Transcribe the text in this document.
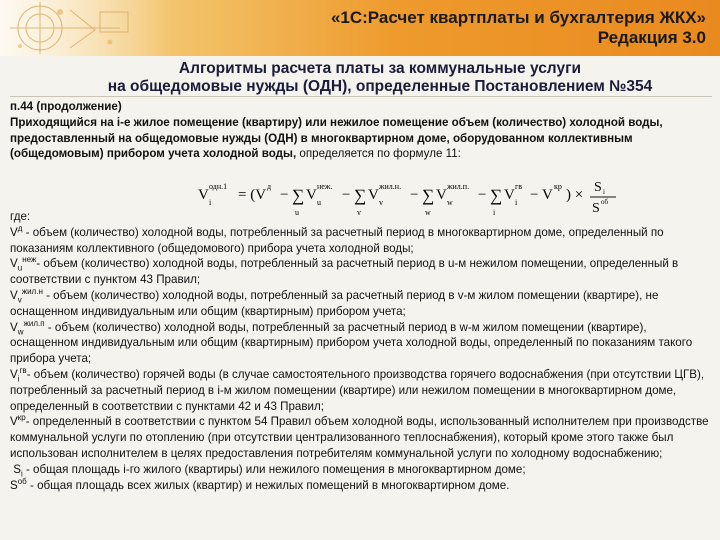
«1С:Расчет квартплаты и бухгалтерия ЖКХ»
Редакция 3.0
Алгоритмы расчета платы за коммунальные услуги
на общедомовые нужды (ОДН), определенные Постановлением №354

п.44 (продолжение)

Приходящийся на i-е жилое помещение (квартиру) или нежилое помещение объем (количество) холодной воды, предоставленный на общедомовые нужды (ОДН) в многоквартирном доме, оборудованном коллективным (общедомовым) прибором учета холодной воды, определяется по формуле 11:

V
одн.1
i = (V
д
− ∑
u
V
неж.
u − ∑
v
V
жил.н.
v − ∑
w
V
жил.п.
w − ∑
i
V
гв
i − V
кр
) × S i
S об

где:

$V^д$ - объем (количество) холодной воды, потребленный за расчетный период в многоквартирном доме, определенный по показаниям коллективного (общедомового) прибора учета холодной воды;

$V_u^{неж}-$ объем (количество) холодной воды, потребленный за расчетный период в u-м нежилом помещении, определенный в соответствии с пунктом 43 Правил;

$V_v^{жил.н}$ - объем (количество) холодной воды, потребленный за расчетный период в v-м жилом помещении (квартире), не оснащенном индивидуальным или общим (квартирным) прибором учета;

$V_w^{жил.п}$ - объем (количество) холодной воды, потребленный за расчетный период в w-м жилом помещении (квартире), оснащенном индивидуальным или общим (квартирным) прибором учета холодной воды, определенный по показаниям такого прибора учета;

$V_i^{гв}-$ объем (количество) горячей воды (в случае самостоятельного производства горячего водоснабжения (при отсутствии ЦГВ), потребленный за расчетный период в i-м жилом помещении (квартире) или нежилом помещении в многоквартирном доме, определенный в соответствии с пунктами 42 и 43 Правил;

$V^{кр}-$ определенный в соответствии с пунктом 54 Правил объем холодной воды, использованный исполнителем при производстве коммунальной услуги по отоплению (при отсутствии централизованного теплоснабжения), который кроме этого также был использован исполнителем в целях предоставления потребителям коммунальной услуги по холодному водоснабжению;

$S_i$ - общая площадь i-го жилого (квартиры) или нежилого помещения в многоквартирном доме;

$S^{об}$ - общая площадь всех жилых (квартир) и нежилых помещений в многоквартирном доме.
